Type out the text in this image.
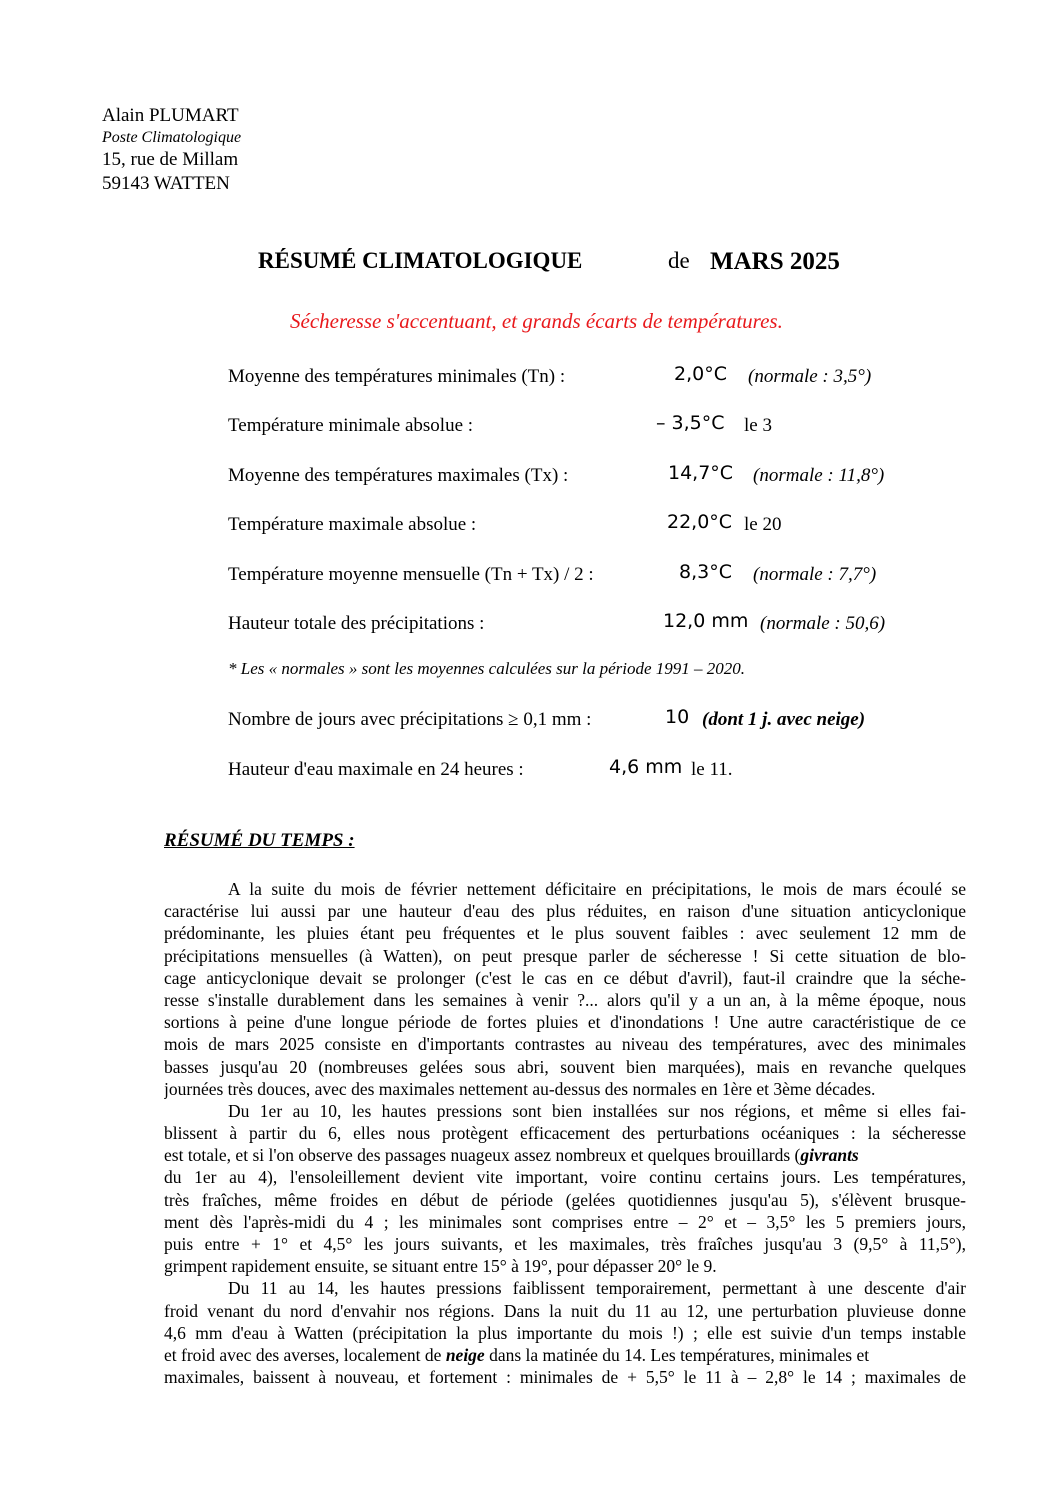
Alain PLUMART
Poste Climatologique
15, rue de Millam
59143 WATTEN
RÉSUMÉ CLIMATOLOGIQUE	de MARS 2025
Sécheresse s'accentuant, et grands écarts de températures.
Moyenne des températures minimales (Tn) :	2,0°C (normale : 3,5°)
Température minimale absolue :	– 3,5°C le 3
Moyenne des températures maximales (Tx) :	14,7°C (normale : 11,8°)
Température maximale absolue :	22,0°C le 20
Température moyenne mensuelle (Tn + Tx) / 2 :	8,3°C (normale : 7,7°)
Hauteur totale des précipitations :	12,0 mm (normale : 50,6)
* Les « normales » sont les moyennes calculées sur la période 1991 – 2020.
Nombre de jours avec précipitations ≥ 0,1 mm :	10 (dont 1 j. avec neige)
Hauteur d'eau maximale en 24 heures :	4,6 mm le 11.
RÉSUMÉ DU TEMPS :
A la suite du mois de février nettement déficitaire en précipitations, le mois de mars écoulé se
caractérise lui aussi par une hauteur d'eau des plus réduites, en raison d'une situation anticyclonique
prédominante, les pluies étant peu fréquentes et le plus souvent faibles : avec seulement 12 mm de
précipitations mensuelles (à Watten), on peut presque parler de sécheresse ! Si cette situation de blo-
cage anticyclonique devait se prolonger (c'est le cas en ce début d'avril), faut-il craindre que la séche-
resse s'installe durablement dans les semaines à venir ?... alors qu'il y a un an, à la même époque, nous
sortions à peine d'une longue période de fortes pluies et d'inondations ! Une autre caractéristique de ce
mois de mars 2025 consiste en d'importants contrastes au niveau des températures, avec des minimales
basses jusqu'au 20 (nombreuses gelées sous abri, souvent bien marquées), mais en revanche quelques
journées très douces, avec des maximales nettement au-dessus des normales en 1ère et 3ème décades.
Du 1er au 10, les hautes pressions sont bien installées sur nos régions, et même si elles fai-
blissent à partir du 6, elles nous protègent efficacement des perturbations océaniques : la sécheresse
est totale, et si l'on observe des passages nuageux assez nombreux et quelques brouillards (givrants
du 1er au 4), l'ensoleillement devient vite important, voire continu certains jours. Les températures,
très fraîches, même froides en début de période (gelées quotidiennes jusqu'au 5), s'élèvent brusque-
ment dès l'après-midi du 4 ; les minimales sont comprises entre – 2° et – 3,5° les 5 premiers jours,
puis entre + 1° et 4,5° les jours suivants, et les maximales, très fraîches jusqu'au 3 (9,5° à 11,5°),
grimpent rapidement ensuite, se situant entre 15° à 19°, pour dépasser 20° le 9.
Du 11 au 14, les hautes pressions faiblissent temporairement, permettant à une descente d'air
froid venant du nord d'envahir nos régions. Dans la nuit du 11 au 12, une perturbation pluvieuse donne
4,6 mm d'eau à Watten (précipitation la plus importante du mois !) ; elle est suivie d'un temps instable
et froid avec des averses, localement de neige dans la matinée du 14. Les températures, minimales et
maximales, baissent à nouveau, et fortement : minimales de + 5,5° le 11 à – 2,8° le 14 ; maximales de
